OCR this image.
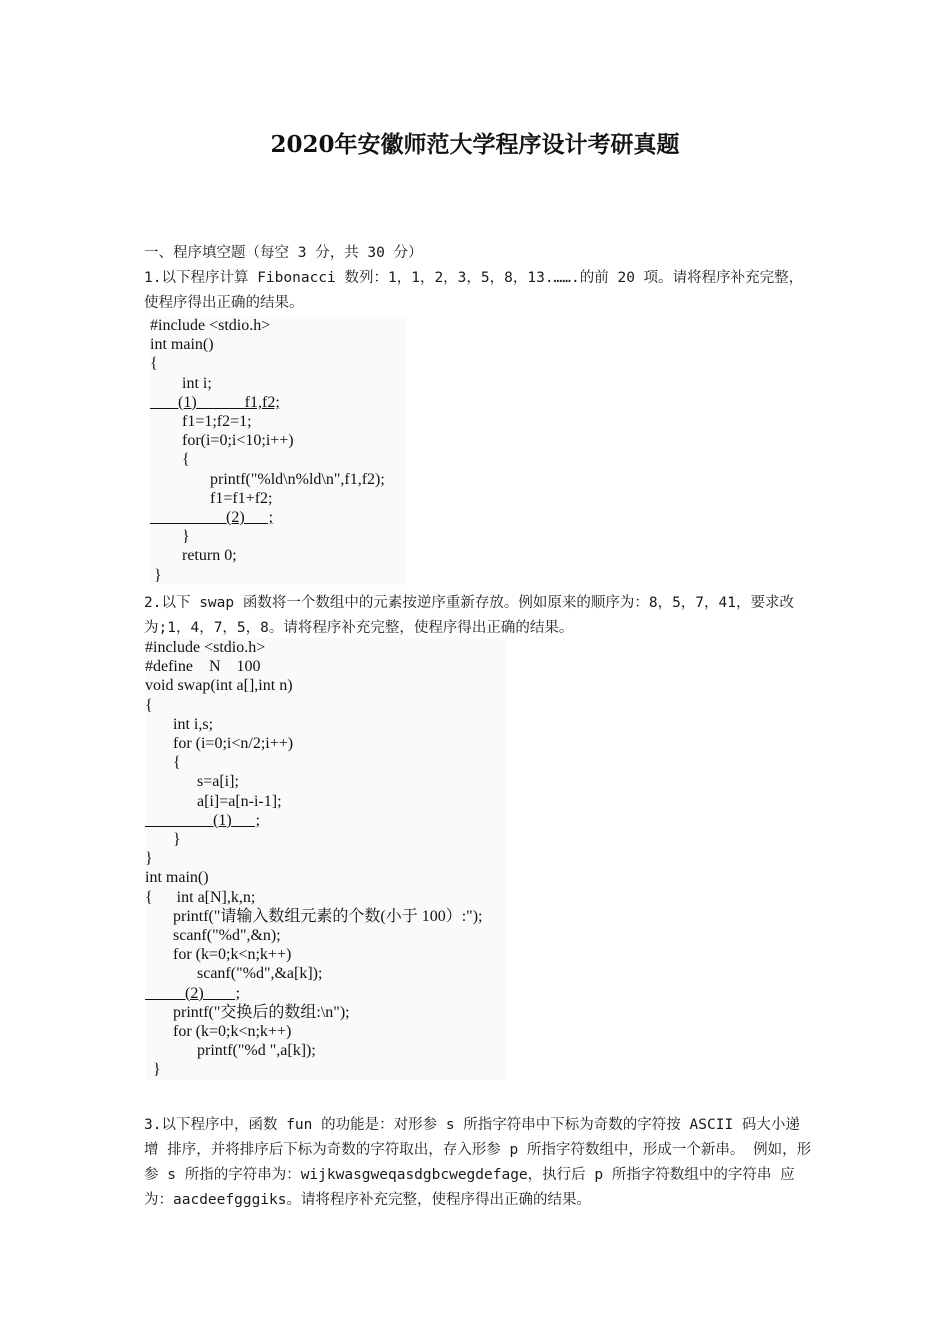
2020年安徽师范大学程序设计考研真题
一、程序填空题（每空 3 分，共 30 分）
1.以下程序计算 Fibonacci 数列：1，1，2，3，5，8，13.…….的前 20 项。请将程序补充完整，使程序得出正确的结果。
#include <stdio.h>
int main()
{
int i;
(1)            f1,f2;
f1=1;f2=1;
for(i=0;i<10;i++)
{
printf("%ld\n%ld\n",f1,f2);
f1=f1+f2;
(2)      ;
}
return 0;
}
2.以下 swap 函数将一个数组中的元素按逆序重新存放。例如原来的顺序为：8，5，7，41，要求改为;1，4，7，5，8。请将程序补充完整，使程序得出正确的结果。
#include <stdio.h>
#define    N    100
void swap(int a[],int n)
{
int i,s;
for (i=0;i<n/2;i++)
{
s=a[i];
a[i]=a[n-i-1];
(1)      ;
}
}
int main()
{      int a[N],k,n;
printf("请输入数组元素的个数(小于 100）:");
scanf("%d",&n);
for (k=0;k<n;k++)
scanf("%d",&a[k]);
(2)        ;
printf("交换后的数组:\n");
for (k=0;k<n;k++)
printf("%d ",a[k]);
}
3.以下程序中，函数 fun 的功能是：对形参 s 所指字符串中下标为奇数的字符按 ASCII 码大小递增 排序，并将排序后下标为奇数的字符取出，存入形参 p 所指字符数组中，形成一个新串。 例如，形参 s 所指的字符串为：wijkwasgweqasdgbcwegdefage，执行后 p 所指字符数组中的字符串 应为：aacdeefgggiks。请将程序补充完整，使程序得出正确的结果。
